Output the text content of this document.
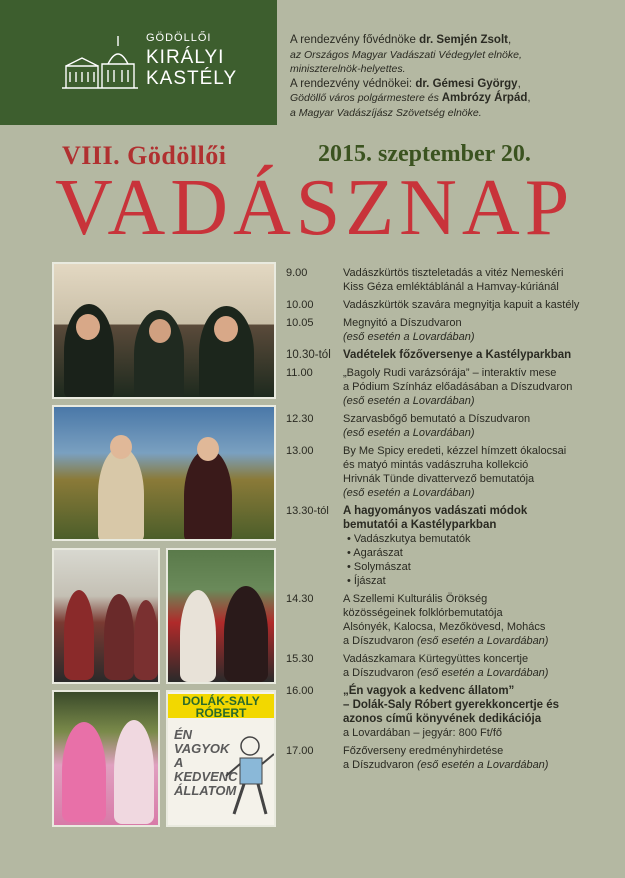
GÖDÖLLŐI
KIRÁLYI
KASTÉLY
A rendezvény fővédnöke dr. Semjén Zsolt,
az Országos Magyar Vadászati Védegylet elnöke,
miniszterelnök-helyettes.
A rendezvény védnökei: dr. Gémesi György,
Gödöllő város polgármestere és Ambrózy Árpád,
a Magyar Vadászíjász Szövetség elnöke.
VIII. Gödöllői	2015. szeptember 20.
VADÁSZNAP
DOLÁK-SALY RÓBERT
ÉN VAGYOK A KEDVENC ÁLLATOM
9.00	Vadászkürtös tiszteletadás a vitéz Nemeskéri
Kiss Géza emléktáblánál a Hamvay-kúriánál
10.00	Vadászkürtök szavára megnyitja kapuit a kastély
10.05	Megnyitó a Díszudvaron
(eső esetén a Lovardában)
10.30-tól	Vadételek főzőversenye a Kastélyparkban
11.00	„Bagoly Rudi varázsórája” – interaktív mese
a Pódium Színház előadásában a Díszudvaron
(eső esetén a Lovardában)
12.30	Szarvasbőgő bemutató a Díszudvaron
(eső esetén a Lovardában)
13.00	By Me Spicy eredeti, kézzel hímzett ókalocsai
és matyó mintás vadászruha kollekció
Hrivnák Tünde divattervező bemutatója
(eső esetén a Lovardában)
13.30-tól	A hagyományos vadászati módok
bemutatói a Kastélyparkban
• Vadászkutya bemutatók
• Agarászat
• Solymászat
• Íjászat
14.30	A Szellemi Kulturális Örökség
közösségeinek folklórbemutatója
Alsónyék, Kalocsa, Mezőkövesd, Mohács
a Díszudvaron (eső esetén a Lovardában)
15.30	Vadászkamara Kürtegyüttes koncertje
a Díszudvaron (eső esetén a Lovardában)
16.00	„Én vagyok a kedvenc állatom”
– Dolák-Saly Róbert gyerekkoncertje és
azonos című könyvének dedikációja
a Lovardában – jegyár: 800 Ft/fő
17.00	Főzőverseny eredményhirdetése
a Díszudvaron (eső esetén a Lovardában)
